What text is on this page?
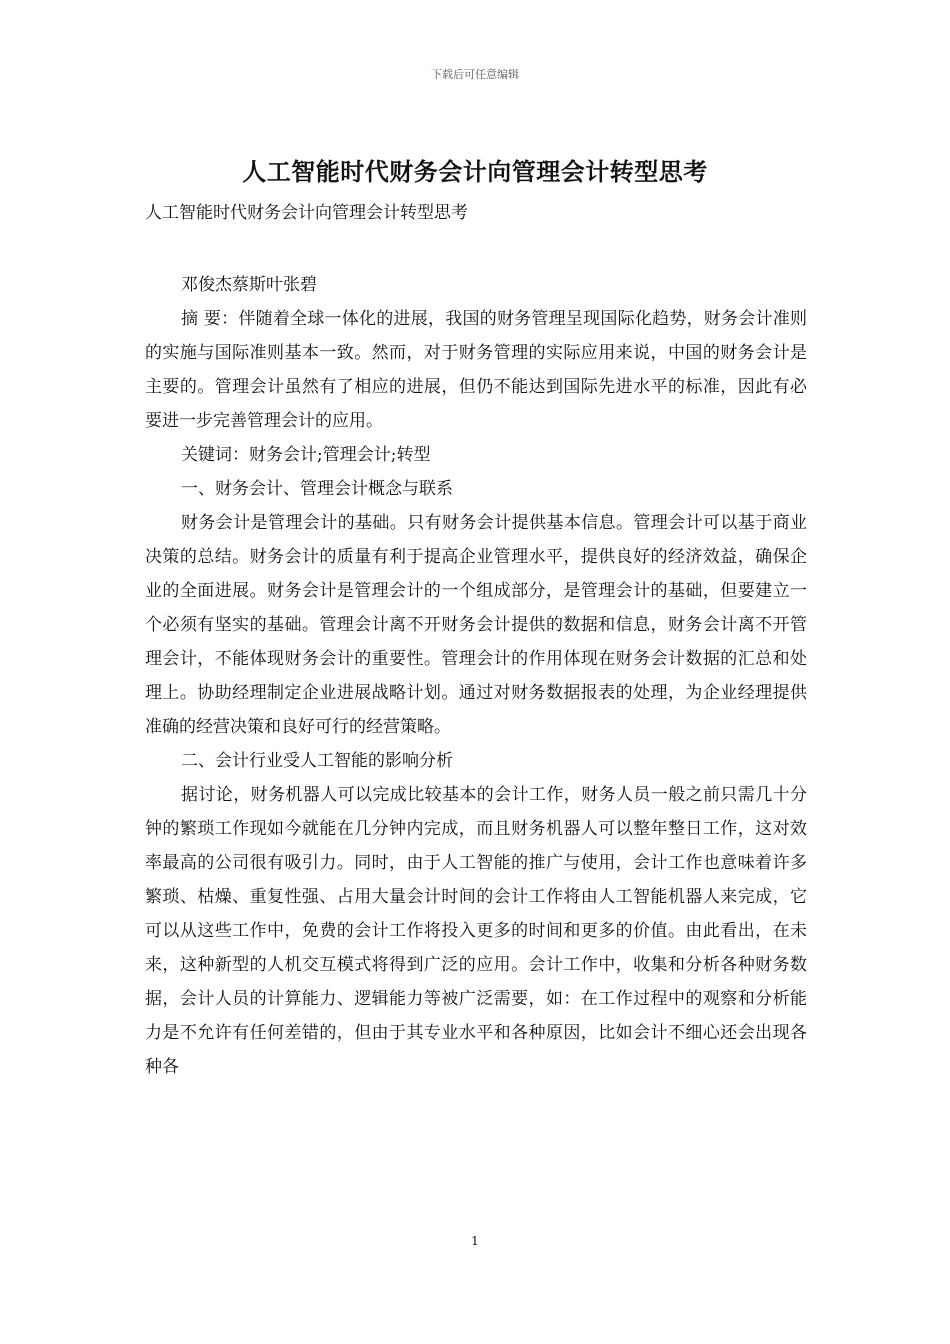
下载后可任意编辑
人工智能时代财务会计向管理会计转型思考

人工智能时代财务会计向管理会计转型思考

邓俊杰蔡斯叶张碧

摘 要：伴随着全球一体化的进展，我国的财务管理呈现国际化趋势，财务会计准则的实施与国际准则基本一致。然而，对于财务管理的实际应用来说，中国的财务会计是主要的。管理会计虽然有了相应的进展，但仍不能达到国际先进水平的标准，因此有必要进一步完善管理会计的应用。

关键词：财务会计;管理会计;转型

一、财务会计、管理会计概念与联系

财务会计是管理会计的基础。只有财务会计提供基本信息。管理会计可以基于商业决策的总结。财务会计的质量有利于提高企业管理水平，提供良好的经济效益，确保企业的全面进展。财务会计是管理会计的一个组成部分，是管理会计的基础，但要建立一个必须有坚实的基础。管理会计离不开财务会计提供的数据和信息，财务会计离不开管理会计，不能体现财务会计的重要性。管理会计的作用体现在财务会计数据的汇总和处理上。协助经理制定企业进展战略计划。通过对财务数据报表的处理，为企业经理提供准确的经营决策和良好可行的经营策略。

二、会计行业受人工智能的影响分析

据讨论，财务机器人可以完成比较基本的会计工作，财务人员一般之前只需几十分钟的繁琐工作现如今就能在几分钟内完成，而且财务机器人可以整年整日工作，这对效率最高的公司很有吸引力。同时，由于人工智能的推广与使用，会计工作也意味着许多繁琐、枯燥、重复性强、占用大量会计时间的会计工作将由人工智能机器人来完成，它可以从这些工作中，免费的会计工作将投入更多的时间和更多的价值。由此看出，在未来，这种新型的人机交互模式将得到广泛的应用。会计工作中，收集和分析各种财务数据，会计人员的计算能力、逻辑能力等被广泛需要，如：在工作过程中的观察和分析能力是不允许有任何差错的，但由于其专业水平和各种原因，比如会计不细心还会出现各种各

1
